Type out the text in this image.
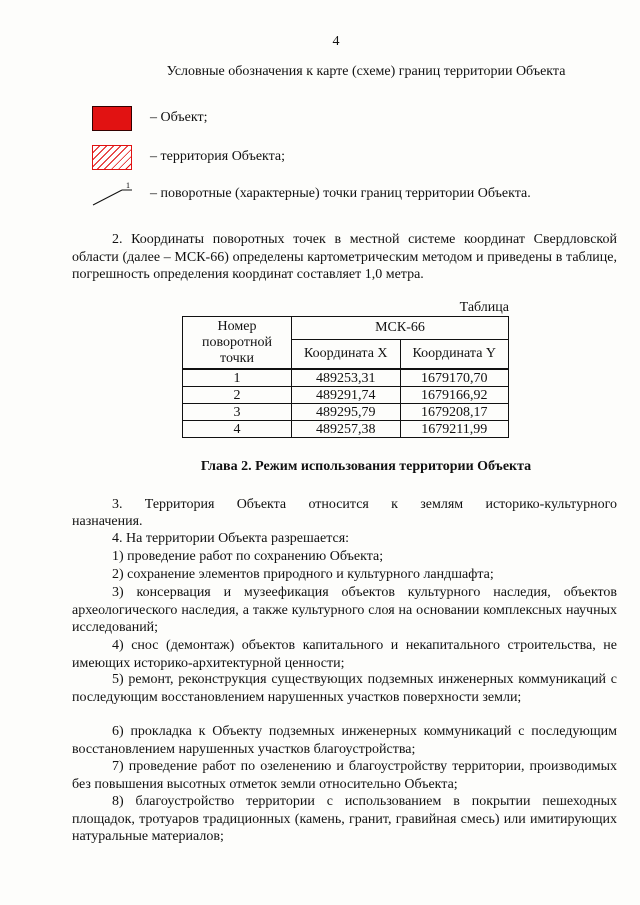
4
Условные обозначения к карте (схеме) границ территории Объекта
– Объект;
– территория Объекта;
1
– поворотные (характерные) точки границ территории Объекта.

2. Координаты поворотных точек в местной системе координат Свердловской области (далее – МСК-66) определены картометрическим методом и приведены в таблице, погрешность определения координат составляет 1,0 метра.

Таблица
Номер поворотной точки	МСК-66	
	Координата X	Координата Y
1	489253,31	1679170,70
2	489291,74	1679166,92
3	489295,79	1679208,17
4	489257,38	1679211,99
Глава 2. Режим использования территории Объекта

3. Территория Объекта относится к землям историко-культурного

назначения.

4. На территории Объекта разрешается:

1) проведение работ по сохранению Объекта;

2) сохранение элементов природного и культурного ландшафта;

3) консервация и музеефикация объектов культурного наследия, объектов археологического наследия, а также культурного слоя на основании комплексных научных исследований;

4) снос (демонтаж) объектов капитального и некапитального строительства, не имеющих историко-архитектурной ценности;

5) ремонт, реконструкция существующих подземных инженерных коммуникаций с последующим восстановлением нарушенных участков поверхности земли;

6) прокладка к Объекту подземных инженерных коммуникаций с последующим восстановлением нарушенных участков благоустройства;

7) проведение работ по озеленению и благоустройству территории, производимых без повышения высотных отметок земли относительно Объекта;

8) благоустройство территории с использованием в покрытии пешеходных площадок, тротуаров традиционных (камень, гранит, гравийная смесь) или имитирующих натуральные материалов;
